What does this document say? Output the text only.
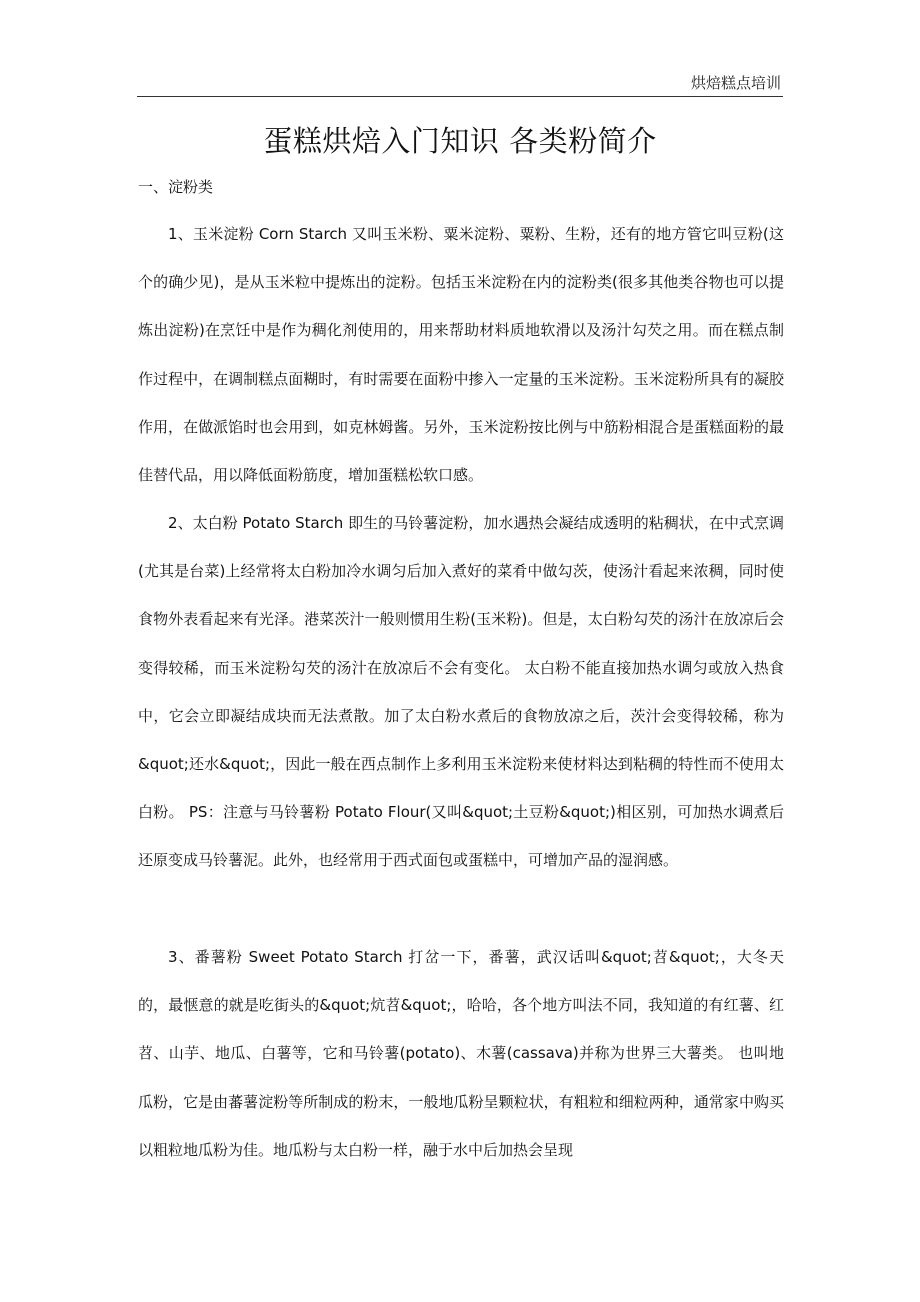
烘焙糕点培训
蛋糕烘焙入门知识 各类粉简介
一、淀粉类

1、玉米淀粉 Corn Starch 又叫玉米粉、粟米淀粉、粟粉、生粉，还有的地方管它叫豆粉(这个的确少见)，是从玉米粒中提炼出的淀粉。包括玉米淀粉在内的淀粉类(很多其他类谷物也可以提炼出淀粉)在烹饪中是作为稠化剂使用的，用来帮助材料质地软滑以及汤汁勾芡之用。而在糕点制作过程中，在调制糕点面糊时，有时需要在面粉中掺入一定量的玉米淀粉。玉米淀粉所具有的凝胶作用，在做派馅时也会用到，如克林姆酱。另外，玉米淀粉按比例与中筋粉相混合是蛋糕面粉的最佳替代品，用以降低面粉筋度，增加蛋糕松软口感。

2、太白粉 Potato Starch 即生的马铃薯淀粉，加水遇热会凝结成透明的粘稠状，在中式烹调(尤其是台菜)上经常将太白粉加冷水调匀后加入煮好的菜肴中做勾茨，使汤汁看起来浓稠，同时使食物外表看起来有光泽。港菜茨汁一般则惯用生粉(玉米粉)。但是，太白粉勾芡的汤汁在放凉后会变得较稀，而玉米淀粉勾芡的汤汁在放凉后不会有变化。 太白粉不能直接加热水调匀或放入热食中，它会立即凝结成块而无法煮散。加了太白粉水煮后的食物放凉之后，茨汁会变得较稀，称为&quot;还水&quot;，因此一般在西点制作上多利用玉米淀粉来使材料达到粘稠的特性而不使用太白粉。 PS：注意与马铃薯粉 Potato Flour(又叫&quot;土豆粉&quot;)相区别，可加热水调煮后还原变成马铃薯泥。此外，也经常用于西式面包或蛋糕中，可增加产品的湿润感。

3、番薯粉 Sweet Potato Starch 打岔一下，番薯，武汉话叫&quot;苕&quot;，大冬天的，最惬意的就是吃街头的&quot;炕苕&quot;，哈哈，各个地方叫法不同，我知道的有红薯、红苕、山芋、地瓜、白薯等，它和马铃薯(potato)、木薯(cassava)并称为世界三大薯类。 也叫地瓜粉，它是由蕃薯淀粉等所制成的粉末，一般地瓜粉呈颗粒状，有粗粒和细粒两种，通常家中购买以粗粒地瓜粉为佳。地瓜粉与太白粉一样，融于水中后加热会呈现
